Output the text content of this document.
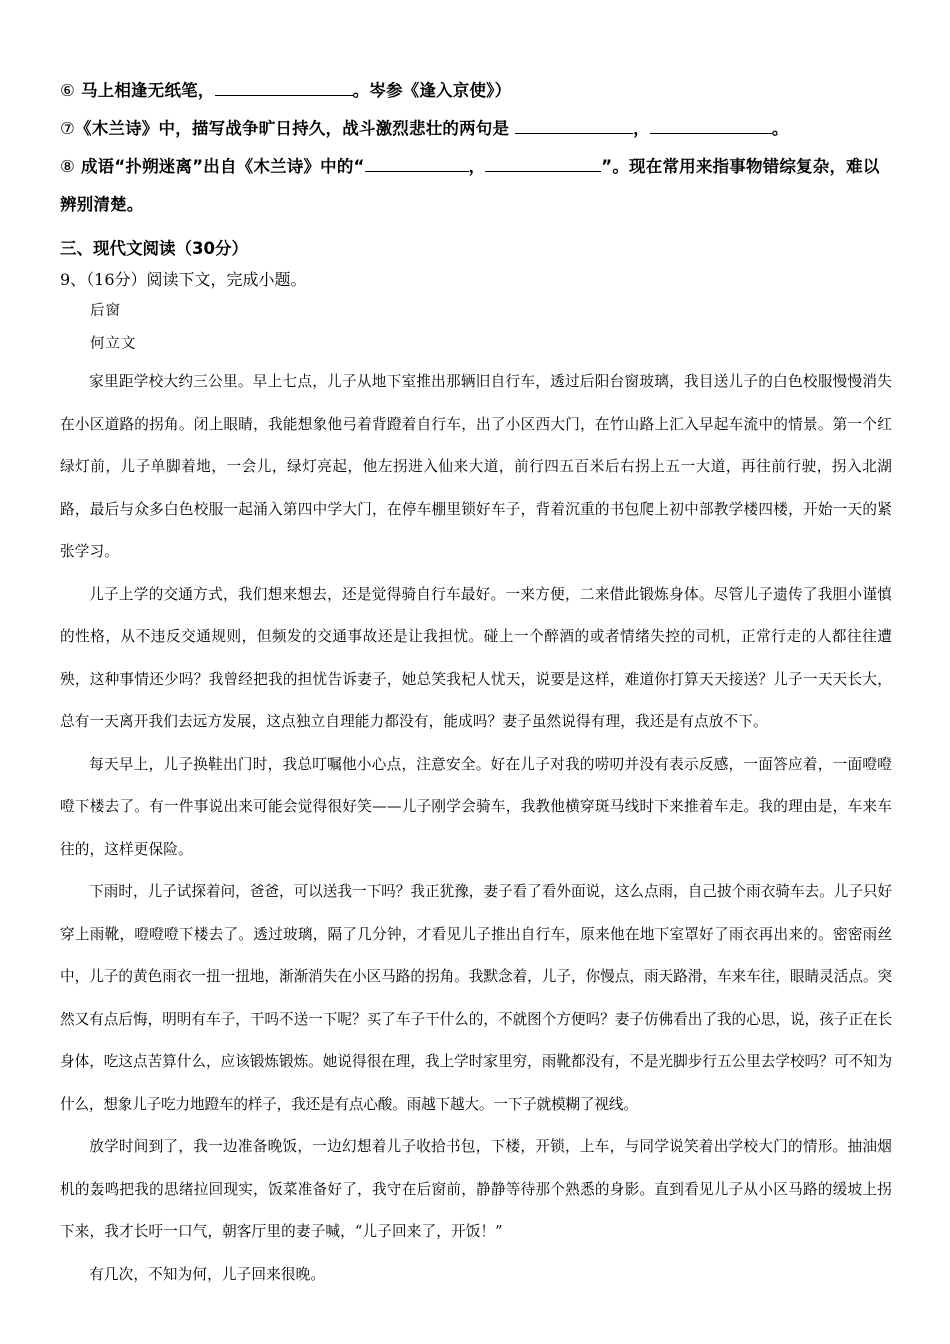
⑥ 马上相逢无纸笔，	。岑参《逢入京使》）
⑦《木兰诗》中，描写战争旷日持久，战斗激烈悲壮的两句是	，	。
⑧ 成语“扑朔迷离”出自《木兰诗》中的“	，	”。现在常用来指事物错综复杂，难以辨别清楚。
三、现代文阅读（30分）
9、（16分）阅读下文，完成小题。
后窗
何立文

家里距学校大约三公里。早上七点，儿子从地下室推出那辆旧自行车，透过后阳台窗玻璃，我目送儿子的白色校服慢慢消失在小区道路的拐角。闭上眼睛，我能想象他弓着背蹬着自行车，出了小区西大门，在竹山路上汇入早起车流中的情景。第一个红绿灯前，儿子单脚着地，一会儿，绿灯亮起，他左拐进入仙来大道，前行四五百米后右拐上五一大道，再往前行驶，拐入北湖路，最后与众多白色校服一起涌入第四中学大门，在停车棚里锁好车子，背着沉重的书包爬上初中部教学楼四楼，开始一天的紧张学习。

儿子上学的交通方式，我们想来想去，还是觉得骑自行车最好。一来方便，二来借此锻炼身体。尽管儿子遗传了我胆小谨慎的性格，从不违反交通规则，但频发的交通事故还是让我担忧。碰上一个醉酒的或者情绪失控的司机，正常行走的人都往往遭殃，这种事情还少吗？我曾经把我的担忧告诉妻子，她总笑我杞人忧天，说要是这样，难道你打算天天接送？儿子一天天长大，总有一天离开我们去远方发展，这点独立自理能力都没有，能成吗？妻子虽然说得有理，我还是有点放不下。

每天早上，儿子换鞋出门时，我总叮嘱他小心点，注意安全。好在儿子对我的唠叨并没有表示反感，一面答应着，一面噔噔噔下楼去了。有一件事说出来可能会觉得很好笑——儿子刚学会骑车，我教他横穿斑马线时下来推着车走。我的理由是，车来车往的，这样更保险。

下雨时，儿子试探着问，爸爸，可以送我一下吗？我正犹豫，妻子看了看外面说，这么点雨，自己披个雨衣骑车去。儿子只好穿上雨靴，噔噔噔下楼去了。透过玻璃，隔了几分钟，才看见儿子推出自行车，原来他在地下室罩好了雨衣再出来的。密密雨丝中，儿子的黄色雨衣一扭一扭地，渐渐消失在小区马路的拐角。我默念着，儿子，你慢点，雨天路滑，车来车往，眼睛灵活点。突然又有点后悔，明明有车子，干吗不送一下呢？买了车子干什么的，不就图个方便吗？妻子仿佛看出了我的心思，说，孩子正在长身体，吃这点苦算什么，应该锻炼锻炼。她说得很在理，我上学时家里穷，雨靴都没有，不是光脚步行五公里去学校吗？可不知为什么，想象儿子吃力地蹬车的样子，我还是有点心酸。雨越下越大。一下子就模糊了视线。

放学时间到了，我一边准备晚饭，一边幻想着儿子收拾书包，下楼，开锁，上车，与同学说笑着出学校大门的情形。抽油烟机的轰鸣把我的思绪拉回现实，饭菜准备好了，我守在后窗前，静静等待那个熟悉的身影。直到看见儿子从小区马路的缓坡上拐下来，我才长吁一口气，朝客厅里的妻子喊，“儿子回来了，开饭！”

有几次，不知为何，儿子回来很晚。
